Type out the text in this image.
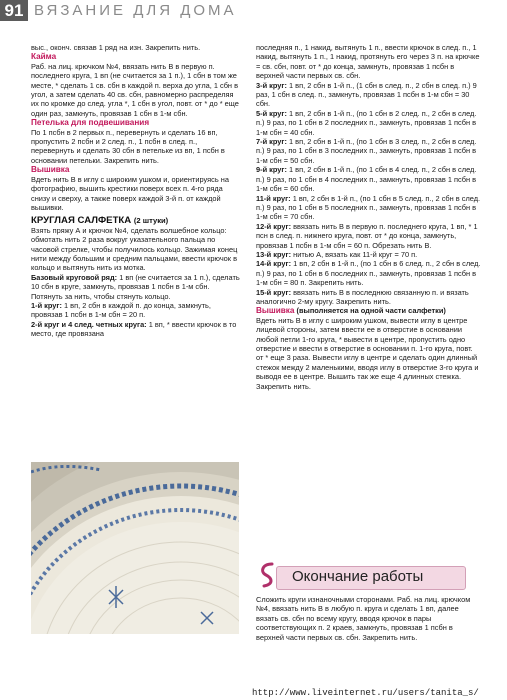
91 ВЯЗАНИЕ ДЛЯ ДОМА

выс., оконч. связав 1 ряд на изн. Закрепить нить.

Кайма

Раб. на лиц. крючком №4, ввязать нить В в первую п. последнего круга, 1 вп (не считается за 1 п.), 1 сбн в том же месте, * сделать 1 св. сбн в каждой п. верха до угла, 1 сбн в угол, а затем сделать 40 св. сбн, равномерно распределяя их по кромке до след. угла *, 1 сбн в угол, повт. от * до * еще один раз, замкнуть, провязав 1 сбн в 1-м сбн.

Петелька для подвешивания

По 1 псбн в 2 первых п., перевернуть и сделать 16 вп, пропустить 2 псбн и 2 след. п., 1 псбн в след. п., перевернуть и сделать 30 сбн в петельке из вп, 1 псбн в основании петельки. Закрепить нить.

Вышивка

Вдеть нить В в иглу с широким ушком и, ориентируясь на фотографию, вышить крестики поверх всех п. 4-го ряда снизу и сверху, а также поверх каждой 3-й п. от каждой вышивки.

КРУГЛАЯ САЛФЕТКА (2 штуки)

Взять пряжу А и крючок №4, сделать волшебное кольцо: обмотать нить 2 раза вокруг указательного пальца по часовой стрелке, чтобы получилось кольцо. Зажимая конец нити между большим и средним пальцами, ввести крючок в кольцо и вытянуть нить из мотка.

Базовый круговой ряд: 1 вп (не считается за 1 п.), сделать 10 сбн в круге, замкнуть, провязав 1 псбн в 1-м сбн. Потянуть за нить, чтобы стянуть кольцо.

1-й круг: 1 вп, 2 сбн в каждой п. до конца, замкнуть, провязав 1 псбн в 1-м сбн = 20 п.

2-й круг и 4 след. четных круга: 1 вп, * ввести крючок в то место, где провязана

последняя п., 1 накид, вытянуть 1 п., ввести крючок в след. п., 1 накид, вытянуть 1 п., 1 накид, протянуть его через 3 п. на крючке = св. сбн, повт. от * до конца, замкнуть, провязав 1 псбн в верхней части первых св. сбн.

3-й круг: 1 вп, 2 сбн в 1-й п., (1 сбн в след. п., 2 сбн в след. п.) 9 раз, 1 сбн в след. п., замкнуть, провязав 1 псбн в 1-м сбн = 30 сбн.

5-й круг: 1 вп, 2 сбн в 1-й п., (по 1 сбн в 2 след. п., 2 сбн в след. п.) 9 раз, по 1 сбн в 2 последних п., замкнуть, провязав 1 псбн в 1-м сбн = 40 сбн.

7-й круг: 1 вп, 2 сбн в 1-й п., (по 1 сбн в 3 след. п., 2 сбн в след. п.) 9 раз, по 1 сбн в 3 последних п., замкнуть, провязав 1 псбн в 1-м сбн = 50 сбн.

9-й круг: 1 вп, 2 сбн в 1-й п., (по 1 сбн в 4 след. п., 2 сбн в след. п.) 9 раз, по 1 сбн в 4 последних п., замкнуть, провязав 1 псбн в 1-м сбн = 60 сбн.

11-й круг: 1 вп, 2 сбн в 1-й п., (по 1 сбн в 5 след. п., 2 сбн в след. п.) 9 раз, по 1 сбн в 5 последних п., замкнуть, провязав 1 псбн в 1-м сбн = 70 сбн.

12-й круг: ввязать нить В в первую п. последнего круга, 1 вп, * 1 псн в след. п. нижнего круга, повт. от * до конца, замкнуть, провязав 1 псбн в 1-м сбн = 60 п. Обрезать нить В.

13-й круг: нитью А, вязать как 11-й круг = 70 п.

14-й круг: 1 вп, 2 сбн в 1-й п., (по 1 сбн в 6 след. п., 2 сбн в след. п.) 9 раз, по 1 сбн в 6 последних п., замкнуть, провязав 1 псбн в 1-м сбн = 80 п. Закрепить нить.

15-й круг: ввязать нить В в последнюю связанную п. и вязать аналогично 2-му кругу. Закрепить нить.

Вышивка (выполняется на одной части салфетки)

Вдеть нить В в иглу с широким ушком, вывести иглу в центре лицевой стороны, затем ввести ее в отверстие в основании любой петли 1-го круга, * вывести в центре, пропустить одно отверстие и ввести в отверстие в основании п. 1-го круга, повт. от * еще 3 раза. Вывести иглу в центре и сделать один длинный стежок между 2 маленькими, вводя иглу в отверстие 3-го круга и выводя ее в центре. Вышить так же еще 4 длинных стежка. Закрепить нить.

Окончание работы

Сложить круги изнаночными сторонами. Раб. на лиц. крючком №4, ввязать нить В в любую п. круга и сделать 1 вп, далее вязать св. сбн по всему кругу, вводя крючок в пары соответствующих п. 2 краев, замкнуть, провязав 1 псбн в верхней части первых св. сбн. Закрепить нить.

http://www.liveinternet.ru/users/tanita_s/
